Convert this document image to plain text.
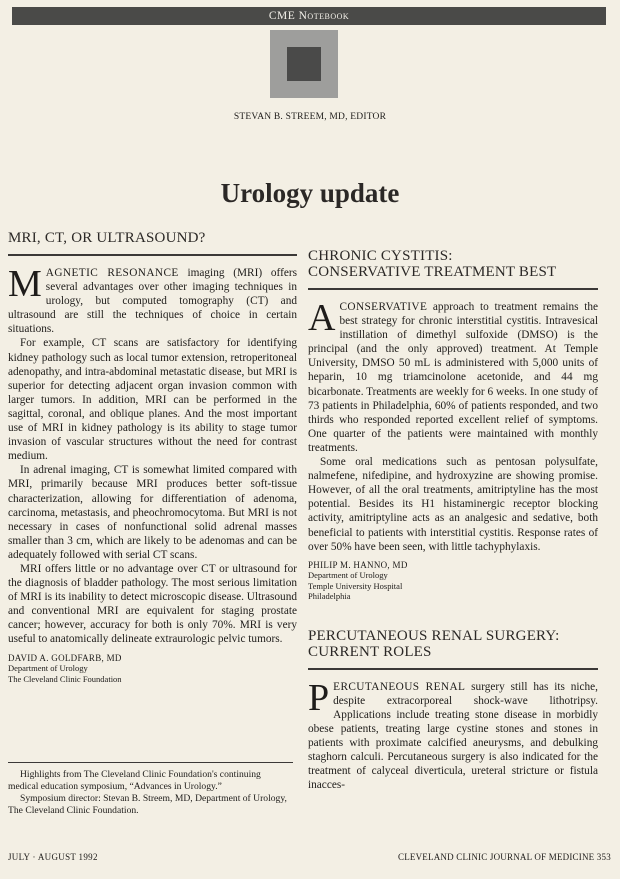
CME Notebook
STEVAN B. STREEM, MD, EDITOR
Urology update
MRI, CT, OR ULTRASOUND?

MAGNETIC RESONANCE imaging (MRI) offers several advantages over other imaging techniques in urology, but computed tomography (CT) and ultrasound are still the techniques of choice in certain situations.

For example, CT scans are satisfactory for identifying kidney pathology such as local tumor extension, retroperitoneal adenopathy, and intra-abdominal metastatic disease, but MRI is superior for detecting adjacent organ invasion common with larger tumors. In addition, MRI can be performed in the sagittal, coronal, and oblique planes. And the most important use of MRI in kidney pathology is its ability to stage tumor invasion of vascular structures without the need for contrast medium.

In adrenal imaging, CT is somewhat limited compared with MRI, primarily because MRI produces better soft-tissue characterization, allowing for differentiation of adenoma, carcinoma, metastasis, and pheochromocytoma. But MRI is not necessary in cases of nonfunctional solid adrenal masses smaller than 3 cm, which are likely to be adenomas and can be adequately followed with serial CT scans.

MRI offers little or no advantage over CT or ultrasound for the diagnosis of bladder pathology. The most serious limitation of MRI is its inability to detect microscopic disease. Ultrasound and conventional MRI are equivalent for staging prostate cancer; however, accuracy for both is only 70%. MRI is very useful to anatomically delineate extraurologic pelvic tumors.

DAVID A. GOLDFARB, MD
Department of Urology
The Cleveland Clinic Foundation

Highlights from The Cleveland Clinic Foundation's continuing medical education symposium, “Advances in Urology.”

Symposium director: Stevan B. Streem, MD, Department of Urology, The Cleveland Clinic Foundation.

CHRONIC CYSTITIS:
CONSERVATIVE TREATMENT BEST

A CONSERVATIVE approach to treatment remains the best strategy for chronic interstitial cystitis. Intravesical instillation of dimethyl sulfoxide (DMSO) is the principal (and the only approved) treatment. At Temple University, DMSO 50 mL is administered with 5,000 units of heparin, 10 mg triamcinolone acetonide, and 44 mg bicarbonate. Treatments are weekly for 6 weeks. In one study of 73 patients in Philadelphia, 60% of patients responded, and two thirds who responded reported excellent relief of symptoms. One quarter of the patients were maintained with monthly treatments.

Some oral medications such as pentosan polysulfate, nalmefene, nifedipine, and hydroxyzine are showing promise. However, of all the oral treatments, amitriptyline has the most potential. Besides its H1 histaminergic receptor blocking activity, amitriptyline acts as an analgesic and sedative, both beneficial to patients with interstitial cystitis. Response rates of over 50% have been seen, with little tachyphylaxis.

PHILIP M. HANNO, MD
Department of Urology
Temple University Hospital
Philadelphia
PERCUTANEOUS RENAL SURGERY:
CURRENT ROLES

PERCUTANEOUS RENAL surgery still has its niche, despite extracorporeal shock-wave lithotripsy. Applications include treating stone disease in morbidly obese patients, treating large cystine stones and stones in patients with proximate calcified aneurysms, and debulking staghorn calculi. Percutaneous surgery is also indicated for the treatment of calyceal diverticula, ureteral stricture or fistula inacces-

JULY · AUGUST 1992	CLEVELAND CLINIC JOURNAL OF MEDICINE 353
